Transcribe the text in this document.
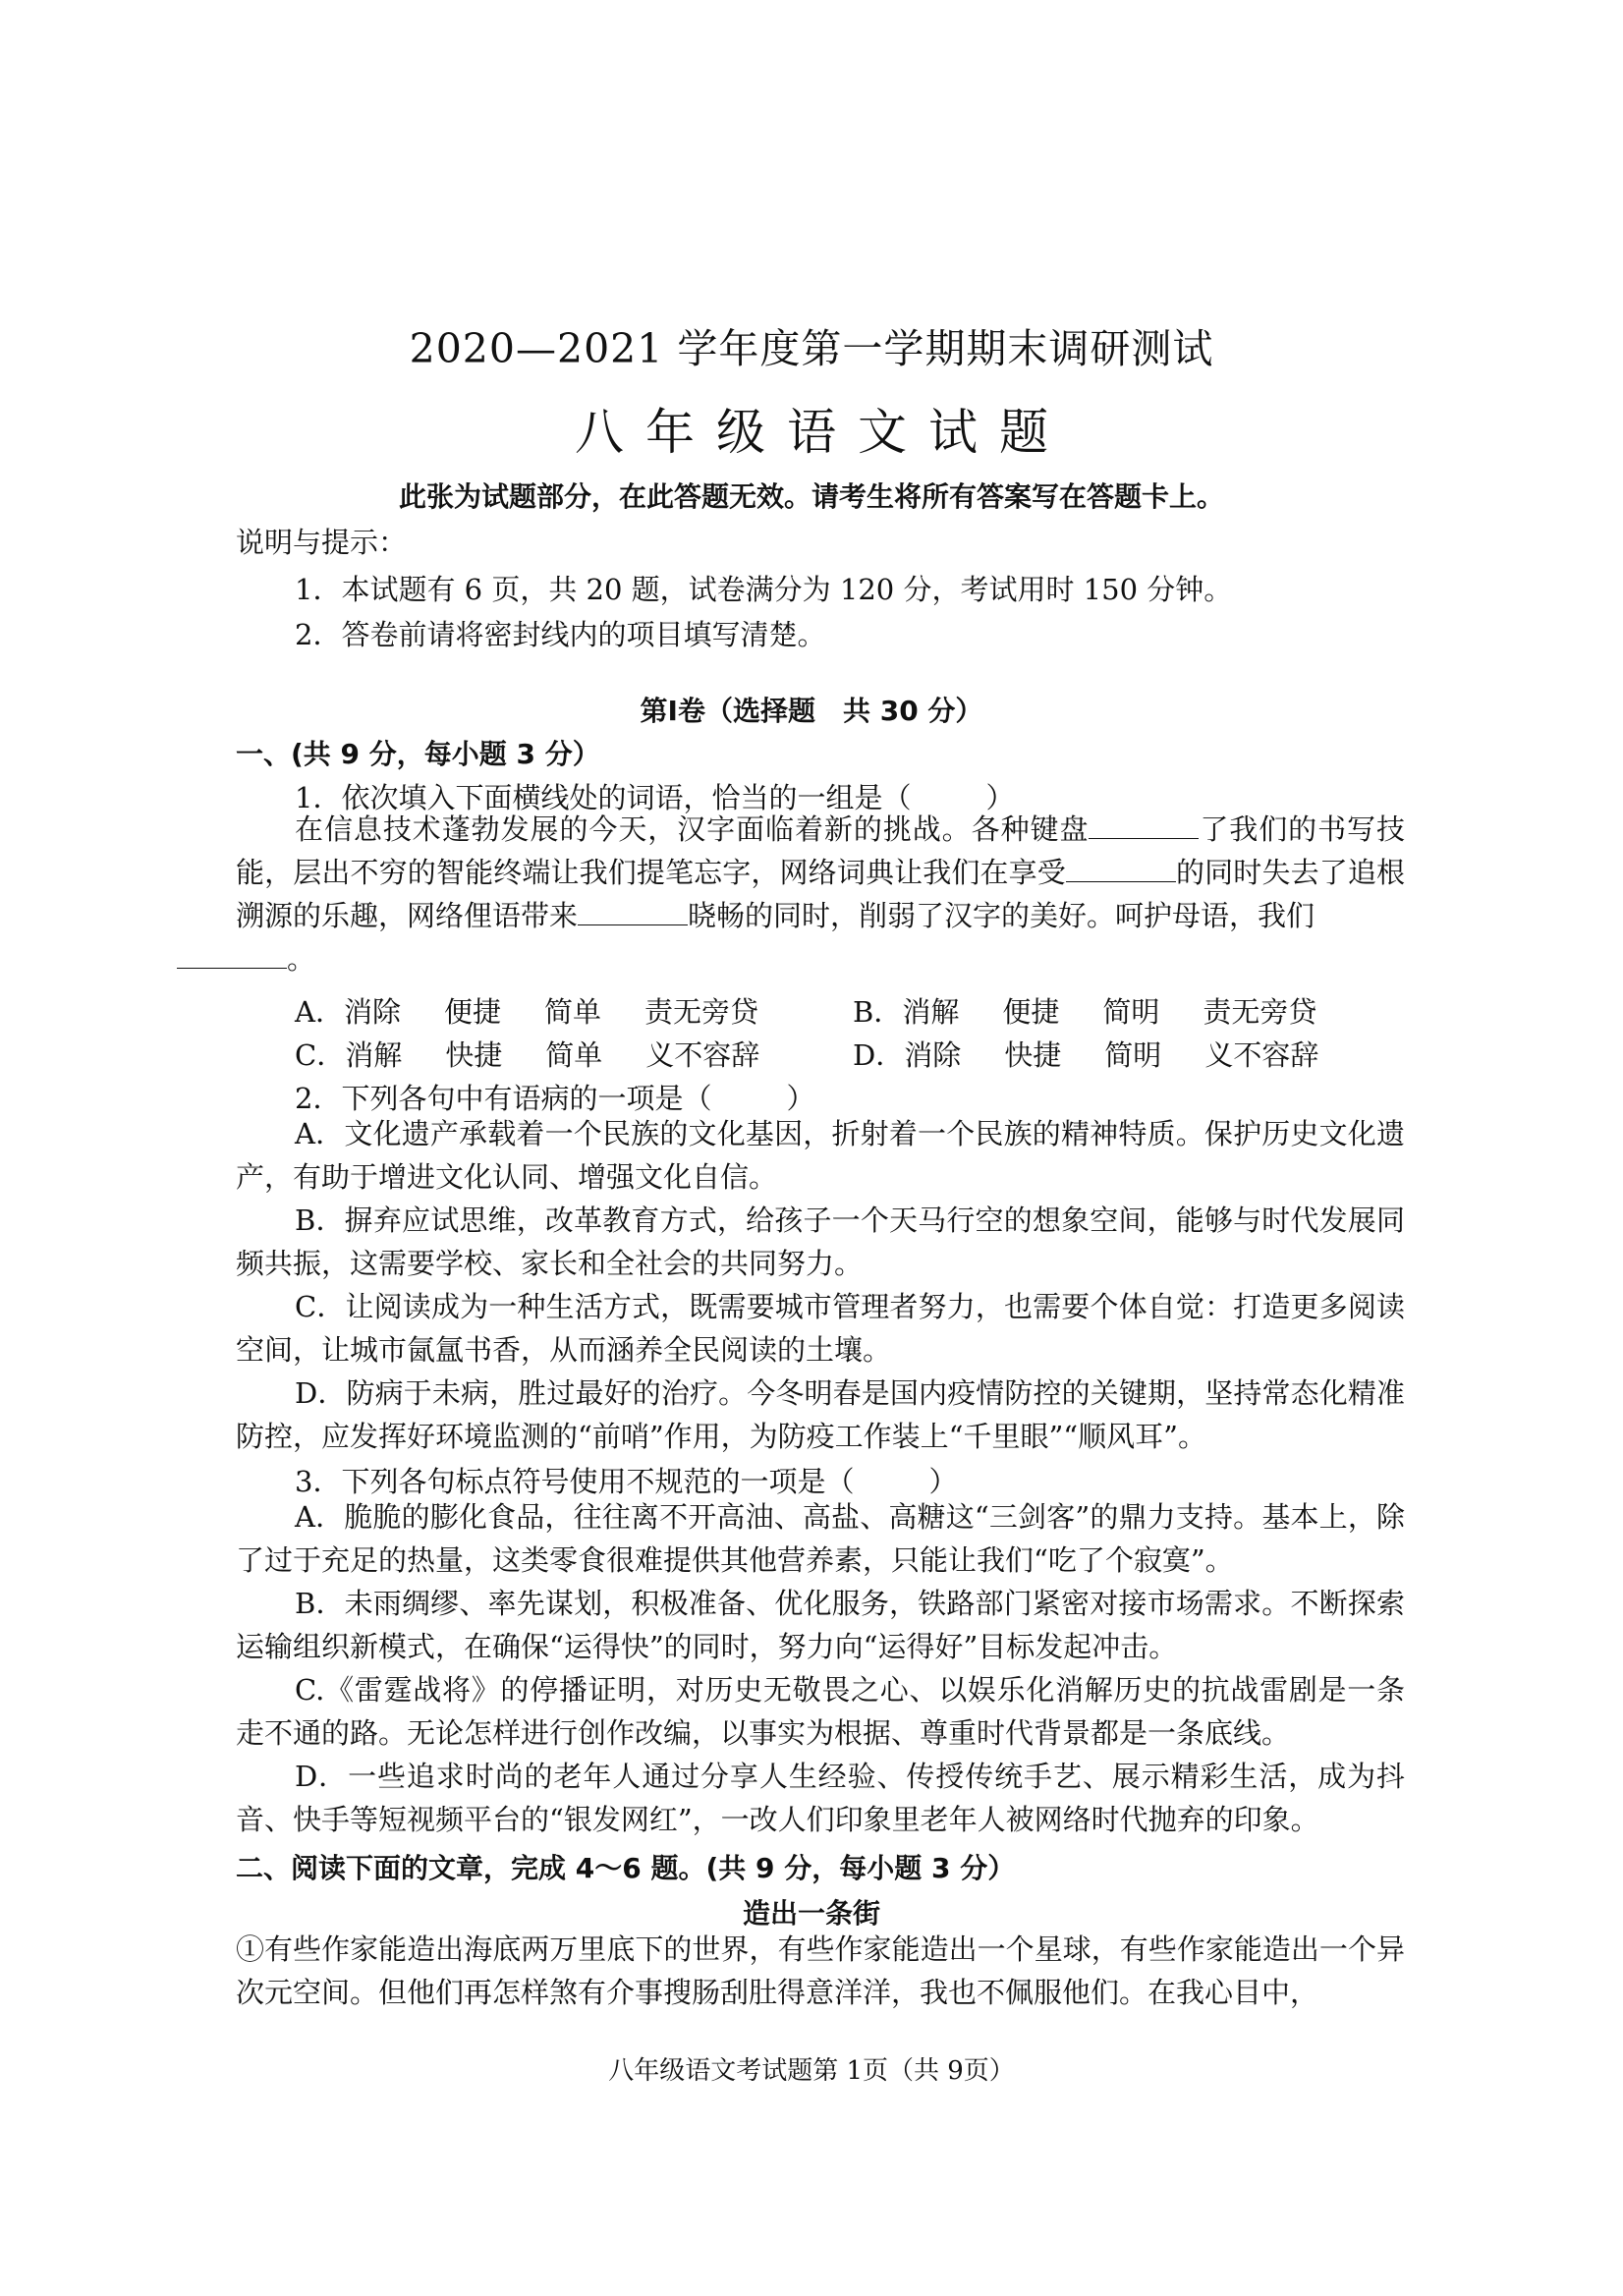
2020—2021 学年度第一学期期末调研测试
八年级语文试题
此张为试题部分，在此答题无效。请考生将所有答案写在答题卡上。
说明与提示：
1．本试题有 6 页，共 20 题，试卷满分为 120 分，考试用时 150 分钟。
2．答卷前请将密封线内的项目填写清楚。
第Ⅰ卷（选择题　共 30 分）
一、(共 9 分，每小题 3 分）
1．依次填入下面横线处的词语，恰当的一组是（	）
在信息技术蓬勃发展的今天，汉字面临着新的挑战。各种键盘	了我们的书写技能，层出不穷的智能终端让我们提笔忘字，网络词典让我们在享受	的同时失去了追根溯源的乐趣，网络俚语带来	晓畅的同时，削弱了汉字的美好。呵护母语，我们
。
A．消除 便捷 简单 责无旁贷	B．消解 便捷 简明 责无旁贷
C．消解 快捷 简单 义不容辞	D．消除 快捷 简明 义不容辞
2．下列各句中有语病的一项是（	）
A．文化遗产承载着一个民族的文化基因，折射着一个民族的精神特质。保护历史文化遗产，有助于增进文化认同、增强文化自信。
B．摒弃应试思维，改革教育方式，给孩子一个天马行空的想象空间，能够与时代发展同频共振，这需要学校、家长和全社会的共同努力。
C．让阅读成为一种生活方式，既需要城市管理者努力，也需要个体自觉：打造更多阅读空间，让城市氤氲书香，从而涵养全民阅读的土壤。
D．防病于未病，胜过最好的治疗。今冬明春是国内疫情防控的关键期，坚持常态化精准防控，应发挥好环境监测的“前哨”作用，为防疫工作装上“千里眼”“顺风耳”。
3．下列各句标点符号使用不规范的一项是（	）
A．脆脆的膨化食品，往往离不开高油、高盐、高糖这“三剑客”的鼎力支持。基本上，除了过于充足的热量，这类零食很难提供其他营养素，只能让我们“吃了个寂寞”。
B．未雨绸缪、率先谋划，积极准备、优化服务，铁路部门紧密对接市场需求。不断探索运输组织新模式，在确保“运得快”的同时，努力向“运得好”目标发起冲击。
C.《雷霆战将》的停播证明，对历史无敬畏之心、以娱乐化消解历史的抗战雷剧是一条走不通的路。无论怎样进行创作改编，以事实为根据、尊重时代背景都是一条底线。
D．一些追求时尚的老年人通过分享人生经验、传授传统手艺、展示精彩生活，成为抖音、快手等短视频平台的“银发网红”，一改人们印象里老年人被网络时代抛弃的印象。
二、阅读下面的文章，完成 4～6 题。(共 9 分，每小题 3 分）
造出一条街
①有些作家能造出海底两万里底下的世界，有些作家能造出一个星球，有些作家能造出一个异次元空间。但他们再怎样煞有介事搜肠刮肚得意洋洋，我也不佩服他们。在我心目中，
八年级语文考试题第 1页（共 9页）
